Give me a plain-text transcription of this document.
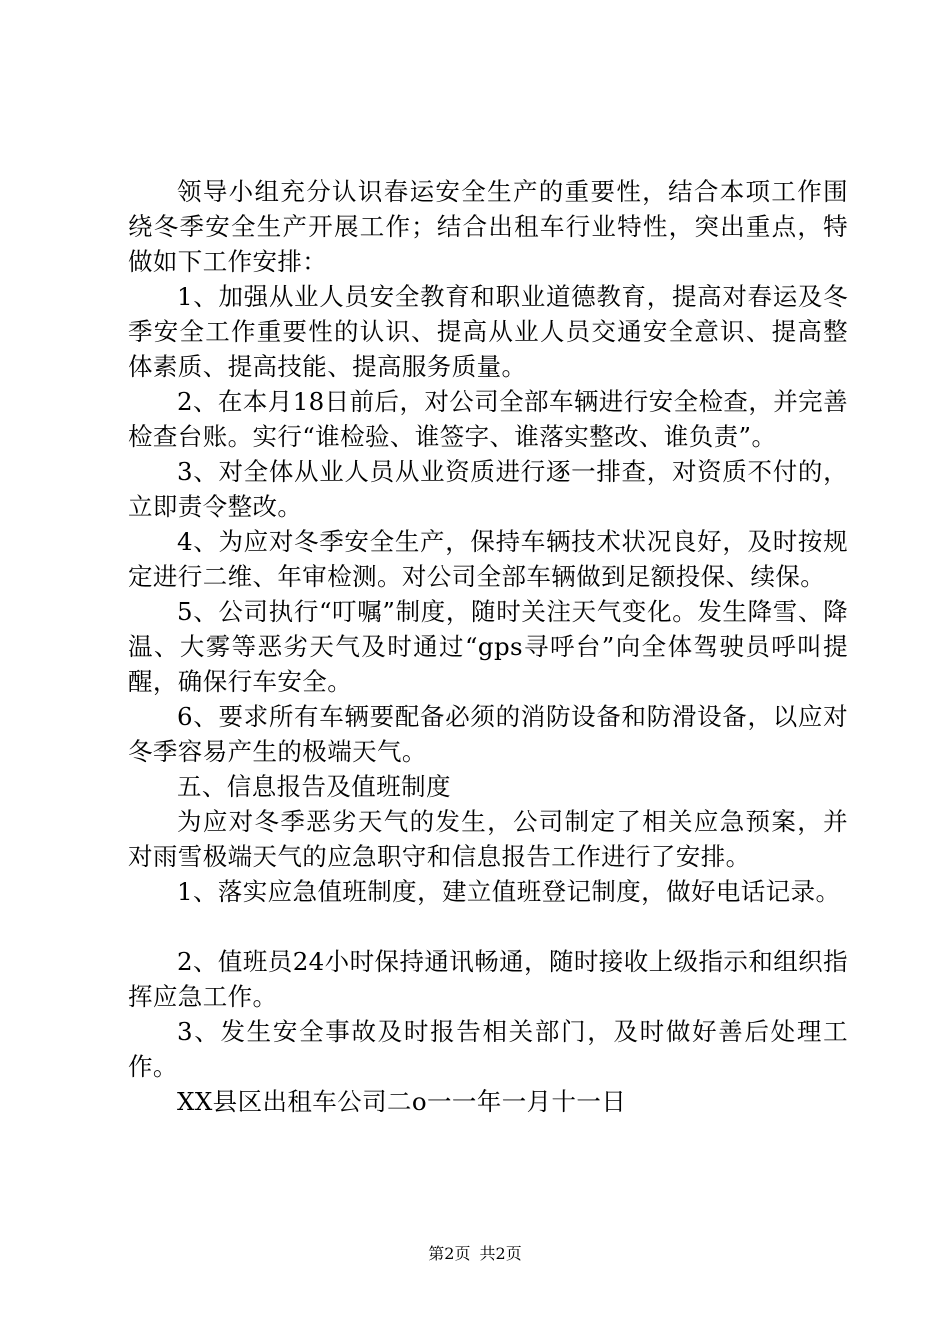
领导小组充分认识春运安全生产的重要性，结合本项工作围绕冬季安全生产开展工作；结合出租车行业特性，突出重点，特做如下工作安排：

1、加强从业人员安全教育和职业道德教育，提高对春运及冬季安全工作重要性的认识、提高从业人员交通安全意识、提高整体素质、提高技能、提高服务质量。

2、在本月18日前后，对公司全部车辆进行安全检查，并完善检查台账。实行“谁检验、谁签字、谁落实整改、谁负责”。

3、对全体从业人员从业资质进行逐一排查，对资质不付的，立即责令整改。

4、为应对冬季安全生产，保持车辆技术状况良好，及时按规定进行二维、年审检测。对公司全部车辆做到足额投保、续保。

5、公司执行“叮嘱”制度，随时关注天气变化。发生降雪、降温、大雾等恶劣天气及时通过“gps寻呼台”向全体驾驶员呼叫提醒，确保行车安全。

6、要求所有车辆要配备必须的消防设备和防滑设备，以应对冬季容易产生的极端天气。

五、信息报告及值班制度

为应对冬季恶劣天气的发生，公司制定了相关应急预案，并对雨雪极端天气的应急职守和信息报告工作进行了安排。

1、落实应急值班制度，建立值班登记制度，做好电话记录。

2、值班员24小时保持通讯畅通，随时接收上级指示和组织指挥应急工作。

3、发生安全事故及时报告相关部门，及时做好善后处理工作。

XX县区出租车公司二o一一年一月十一日

第2页 共2页
